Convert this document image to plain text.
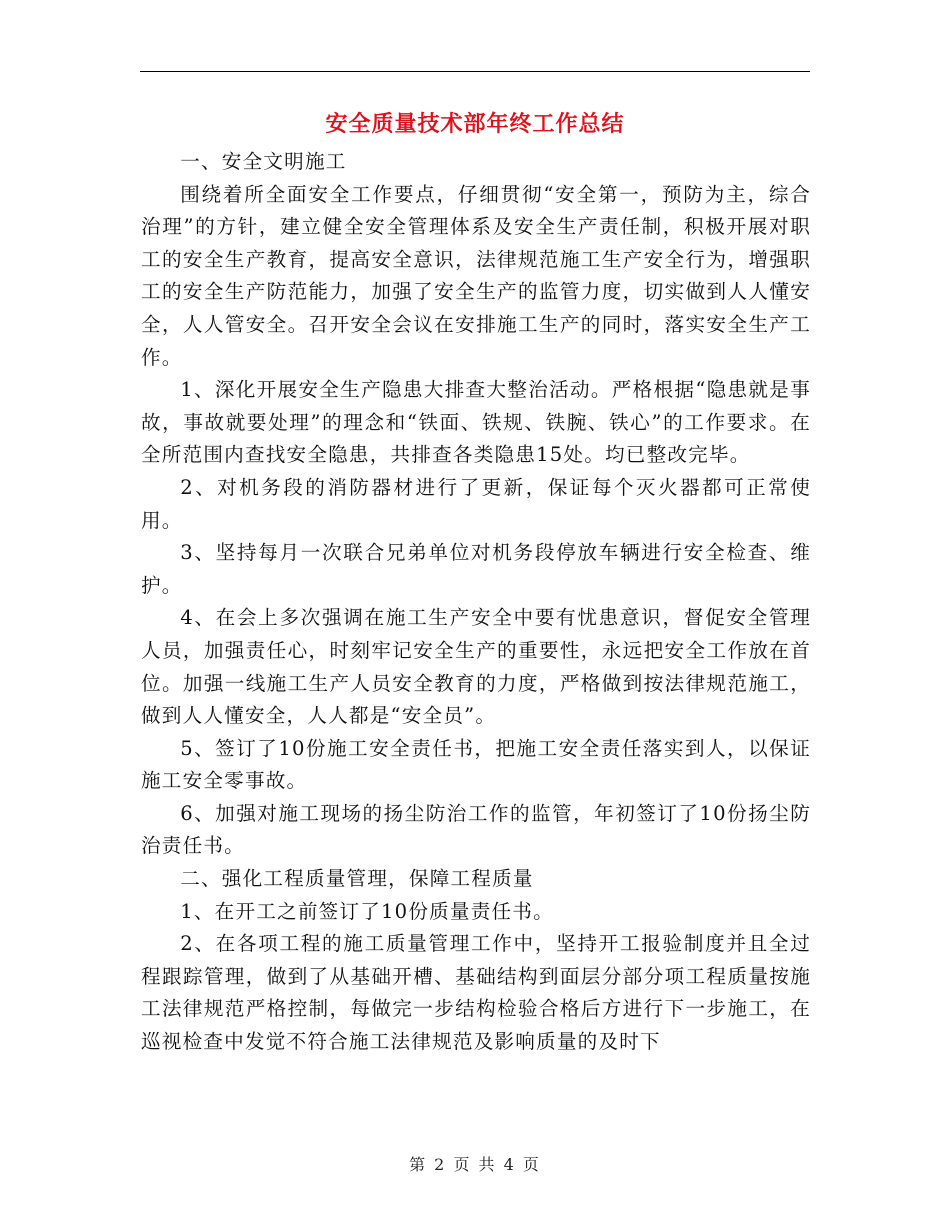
安全质量技术部年终工作总结

一、安全文明施工

围绕着所全面安全工作要点，仔细贯彻“安全第一，预防为主，综合治理”的方针，建立健全安全管理体系及安全生产责任制，积极开展对职工的安全生产教育，提高安全意识，法律规范施工生产安全行为，增强职工的安全生产防范能力，加强了安全生产的监管力度，切实做到人人懂安全，人人管安全。召开安全会议在安排施工生产的同时，落实安全生产工作。

1、深化开展安全生产隐患大排查大整治活动。严格根据“隐患就是事故，事故就要处理”的理念和“铁面、铁规、铁腕、铁心”的工作要求。在全所范围内查找安全隐患，共排查各类隐患15处。均已整改完毕。

2、对机务段的消防器材进行了更新，保证每个灭火器都可正常使用。

3、坚持每月一次联合兄弟单位对机务段停放车辆进行安全检查、维护。

4、在会上多次强调在施工生产安全中要有忧患意识，督促安全管理人员，加强责任心，时刻牢记安全生产的重要性，永远把安全工作放在首位。加强一线施工生产人员安全教育的力度，严格做到按法律规范施工，做到人人懂安全，人人都是“安全员”。

5、签订了10份施工安全责任书，把施工安全责任落实到人，以保证施工安全零事故。

6、加强对施工现场的扬尘防治工作的监管，年初签订了10份扬尘防治责任书。

二、强化工程质量管理，保障工程质量

1、在开工之前签订了10份质量责任书。

2、在各项工程的施工质量管理工作中，坚持开工报验制度并且全过程跟踪管理，做到了从基础开槽、基础结构到面层分部分项工程质量按施工法律规范严格控制，每做完一步结构检验合格后方进行下一步施工，在巡视检查中发觉不符合施工法律规范及影响质量的及时下

第 2 页 共 4 页
